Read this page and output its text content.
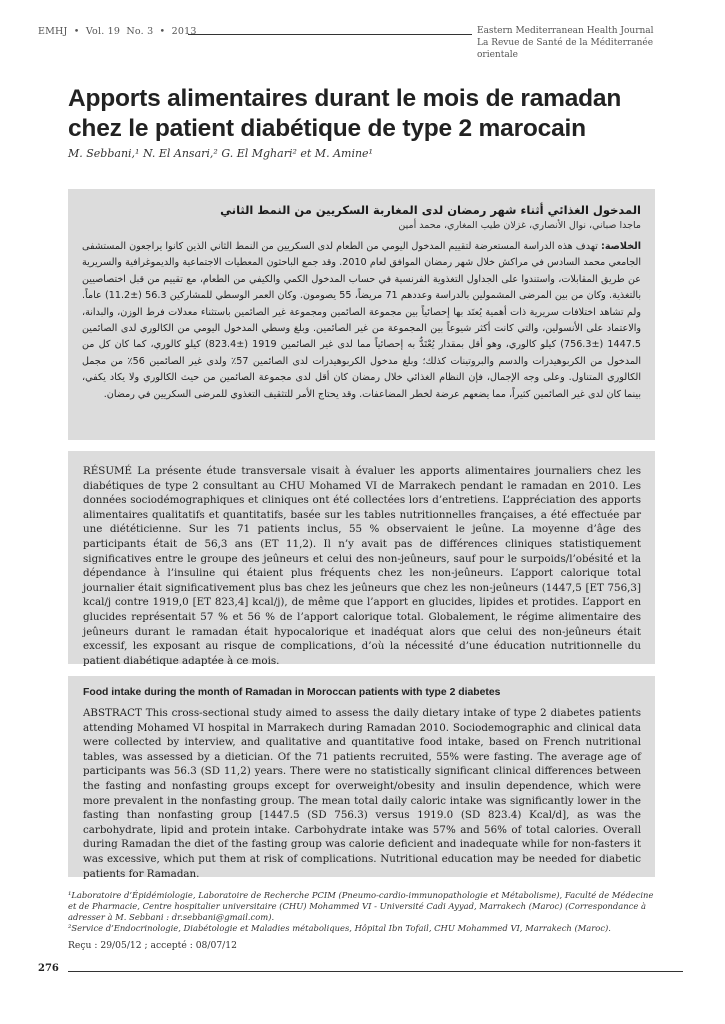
EMHJ • Vol. 19 No. 3 • 2013	Eastern Mediterranean Health Journal
La Revue de Santé de la Méditerranée orientale
Apports alimentaires durant le mois de ramadan chez le patient diabétique de type 2 marocain
M. Sebbani,¹ N. El Ansari,² G. El Mghari² et M. Amine¹
المدخول الغذائي أثناء شهر رمضان لدى المغاربة السكريين من النمط الثاني
ماجدا صباني، نوال الأنصاري، غزلان طيب المغاري، محمد أمين
الخلاصة: تهدف هذه الدراسة المستعرضة لتقييم المدخول اليومي من الطعام لدى السكريين من النمط الثاني الذين كانوا يراجعون المستشفى الجامعي محمد السادس في مراكش خلال شهر رمضان الموافق لعام 2010. وقد جمع الباحثون المعطيات الاجتماعية والديموغرافية والسريرية عن طريق المقابلات، واستندوا على الجداول التغذوية الفرنسية في حساب المدخول الكمي والكيفي من الطعام، مع تقييم من قبل اختصاصيين بالتغذية. وكان من بين المرضى المشمولين بالدراسة وعددهم 71 مريضاً، 55 يصومون. وكان العمر الوسطي للمشاركين 56.3 (±11.2) عاماً. ولم تشاهد اختلافات سريرية ذات أهمية يُعتَد بها إحصائياً بين مجموعة الصائمين ومجموعة غير الصائمين باستثناء معدلات فرط الوزن، والبدانة، والاعتماد على الأنسولين، والتي كانت أكثر شيوعاً بين المجموعة من غير الصائمين. وبلغ وسطي المدخول اليومي من الكالوري لدى الصائمين 1447.5 (±756.3) كيلو كالوري، وهو أقل بمقدار يُعْتَدُّ به إحصائياً مما لدى غير الصائمين 1919 (±823.4) كيلو كالوري، كما كان كل من المدخول من الكربوهيدرات والدسم والبروتينات كذلك؛ وبلغ مدخول الكربوهيدرات لدى الصائمين 57٪ ولدى غير الصائمين 56٪ من مجمل الكالوري المتناول. وعلى وجه الإجمال، فإن النظام الغذائي خلال رمضان كان أقل لدى مجموعة الصائمين من حيث الكالوري ولا يكاد يكفي، بينما كان لدى غير الصائمين كثيراً، مما يضعهم عرضة لخطر المضاعفات. وقد يحتاج الأمر للتثقيف التغذوي للمرضى السكريين في رمضان.
RÉSUMÉ La présente étude transversale visait à évaluer les apports alimentaires journaliers chez les diabétiques de type 2 consultant au CHU Mohamed VI de Marrakech pendant le ramadan en 2010. Les données sociodémographiques et cliniques ont été collectées lors d’entretiens. L’appréciation des apports alimentaires qualitatifs et quantitatifs, basée sur les tables nutritionnelles françaises, a été effectuée par une diététicienne. Sur les 71 patients inclus, 55 % observaient le jeûne. La moyenne d’âge des participants était de 56,3 ans (ET 11,2). Il n’y avait pas de différences cliniques statistiquement significatives entre le groupe des jeûneurs et celui des non-jeûneurs, sauf pour le surpoids/l’obésité et la dépendance à l’insuline qui étaient plus fréquents chez les non-jeûneurs. L’apport calorique total journalier était significativement plus bas chez les jeûneurs que chez les non-jeûneurs (1447,5 [ET 756,3] kcal/j contre 1919,0 [ET 823,4] kcal/j), de même que l’apport en glucides, lipides et protides. L’apport en glucides représentait 57 % et 56 % de l’apport calorique total. Globalement, le régime alimentaire des jeûneurs durant le ramadan était hypocalorique et inadéquat alors que celui des non-jeûneurs était excessif, les exposant au risque de complications, d’où la nécessité d’une éducation nutritionnelle du patient diabétique adaptée à ce mois.
Food intake during the month of Ramadan in Moroccan patients with type 2 diabetes
ABSTRACT This cross-sectional study aimed to assess the daily dietary intake of type 2 diabetes patients attending Mohamed VI hospital in Marrakech during Ramadan 2010. Sociodemographic and clinical data were collected by interview, and qualitative and quantitative food intake, based on French nutritional tables, was assessed by a dietician. Of the 71 patients recruited, 55% were fasting. The average age of participants was 56.3 (SD 11,2) years. There were no statistically significant clinical differences between the fasting and nonfasting groups except for overweight/obesity and insulin dependence, which were more prevalent in the nonfasting group. The mean total daily caloric intake was significantly lower in the fasting than nonfasting group [1447.5 (SD 756.3) versus 1919.0 (SD 823.4) Kcal/d], as was the carbohydrate, lipid and protein intake. Carbohydrate intake was 57% and 56% of total calories. Overall during Ramadan the diet of the fasting group was calorie deficient and inadequate while for non-fasters it was excessive, which put them at risk of complications. Nutritional education may be needed for diabetic patients for Ramadan.

¹Laboratoire d’Épidémiologie, Laboratoire de Recherche PCIM (Pneumo-cardio-immunopathologie et Métabolisme), Faculté de Médecine et de Pharmacie, Centre hospitalier universitaire (CHU) Mohammed VI - Université Cadi Ayyad, Marrakech (Maroc) (Correspondance à adresser à M. Sebbani : dr.sebbani@gmail.com).

²Service d’Endocrinologie, Diabétologie et Maladies métaboliques, Hôpital Ibn Tofail, CHU Mohammed VI, Marrakech (Maroc).

Reçu : 29/05/12 ; accepté : 08/07/12
276
